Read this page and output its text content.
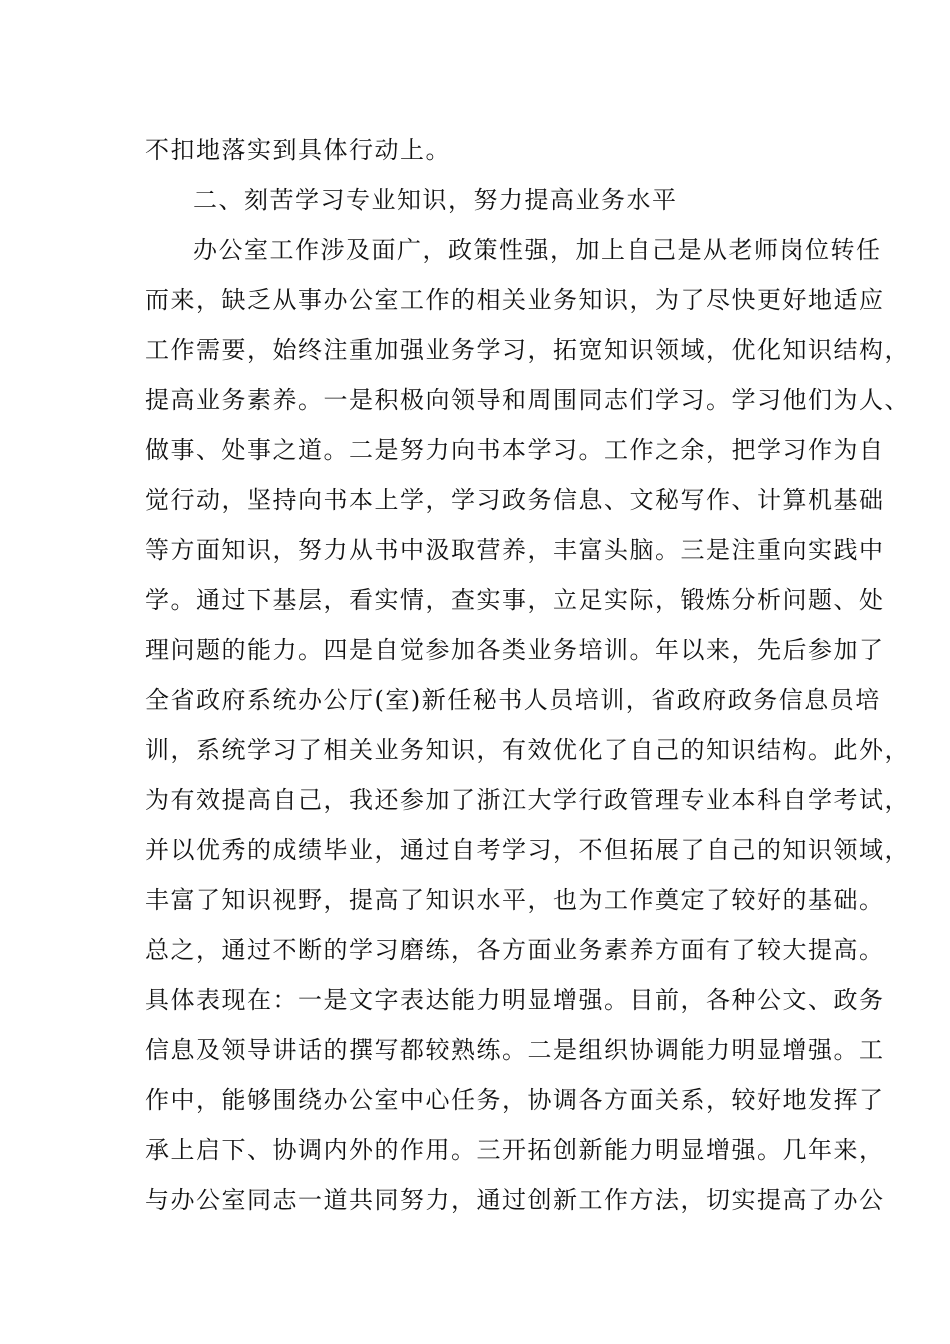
不扣地落实到具体行动上。
二、刻苦学习专业知识，努力提高业务水平
办公室工作涉及面广，政策性强，加上自己是从老师岗位转任
而来，缺乏从事办公室工作的相关业务知识，为了尽快更好地适应
工作需要，始终注重加强业务学习，拓宽知识领域，优化知识结构，
提高业务素养。一是积极向领导和周围同志们学习。学习他们为人、
做事、处事之道。二是努力向书本学习。工作之余，把学习作为自
觉行动，坚持向书本上学，学习政务信息、文秘写作、计算机基础
等方面知识，努力从书中汲取营养，丰富头脑。三是注重向实践中
学。通过下基层，看实情，查实事，立足实际，锻炼分析问题、处
理问题的能力。四是自觉参加各类业务培训。年以来，先后参加了
全省政府系统办公厅(室)新任秘书人员培训，省政府政务信息员培
训，系统学习了相关业务知识，有效优化了自己的知识结构。此外，
为有效提高自己，我还参加了浙江大学行政管理专业本科自学考试，
并以优秀的成绩毕业，通过自考学习，不但拓展了自己的知识领域，
丰富了知识视野，提高了知识水平，也为工作奠定了较好的基础。
总之，通过不断的学习磨练，各方面业务素养方面有了较大提高。
具体表现在：一是文字表达能力明显增强。目前，各种公文、政务
信息及领导讲话的撰写都较熟练。二是组织协调能力明显增强。工
作中，能够围绕办公室中心任务，协调各方面关系，较好地发挥了
承上启下、协调内外的作用。三开拓创新能力明显增强。几年来，
与办公室同志一道共同努力，通过创新工作方法，切实提高了办公
